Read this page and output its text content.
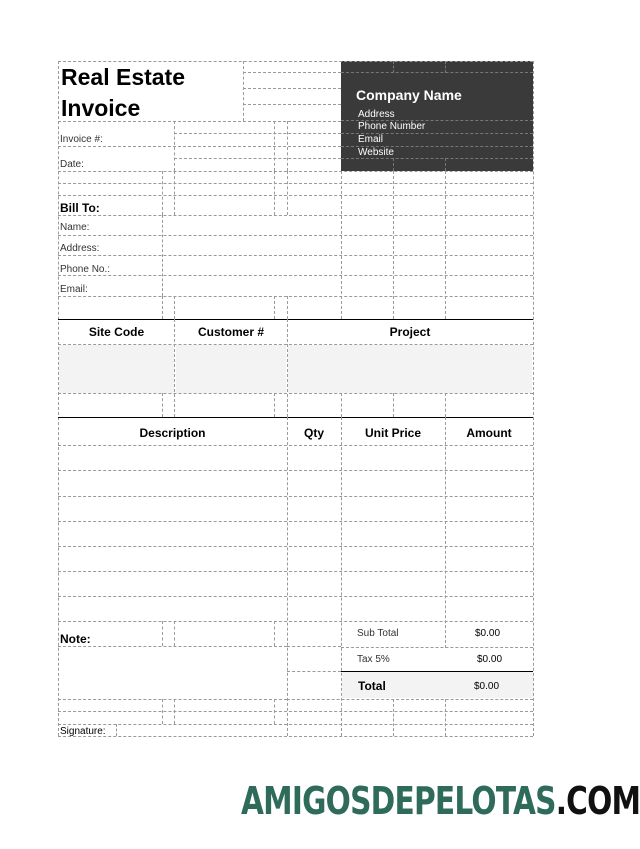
Company Name
Address
Phone Number
Email
Website
Real Estate
Invoice
Invoice #:
Date:
Bill To:
Name:
Address:
Phone No.:
Email:
Site Code	Customer #	Project
Description	Qty	Unit Price	Amount
Note:	Sub Total	$0.00
Tax 5%	$0.00
Total	$0.00
Signature:
AMIGOSDEPELOTAS.COM
